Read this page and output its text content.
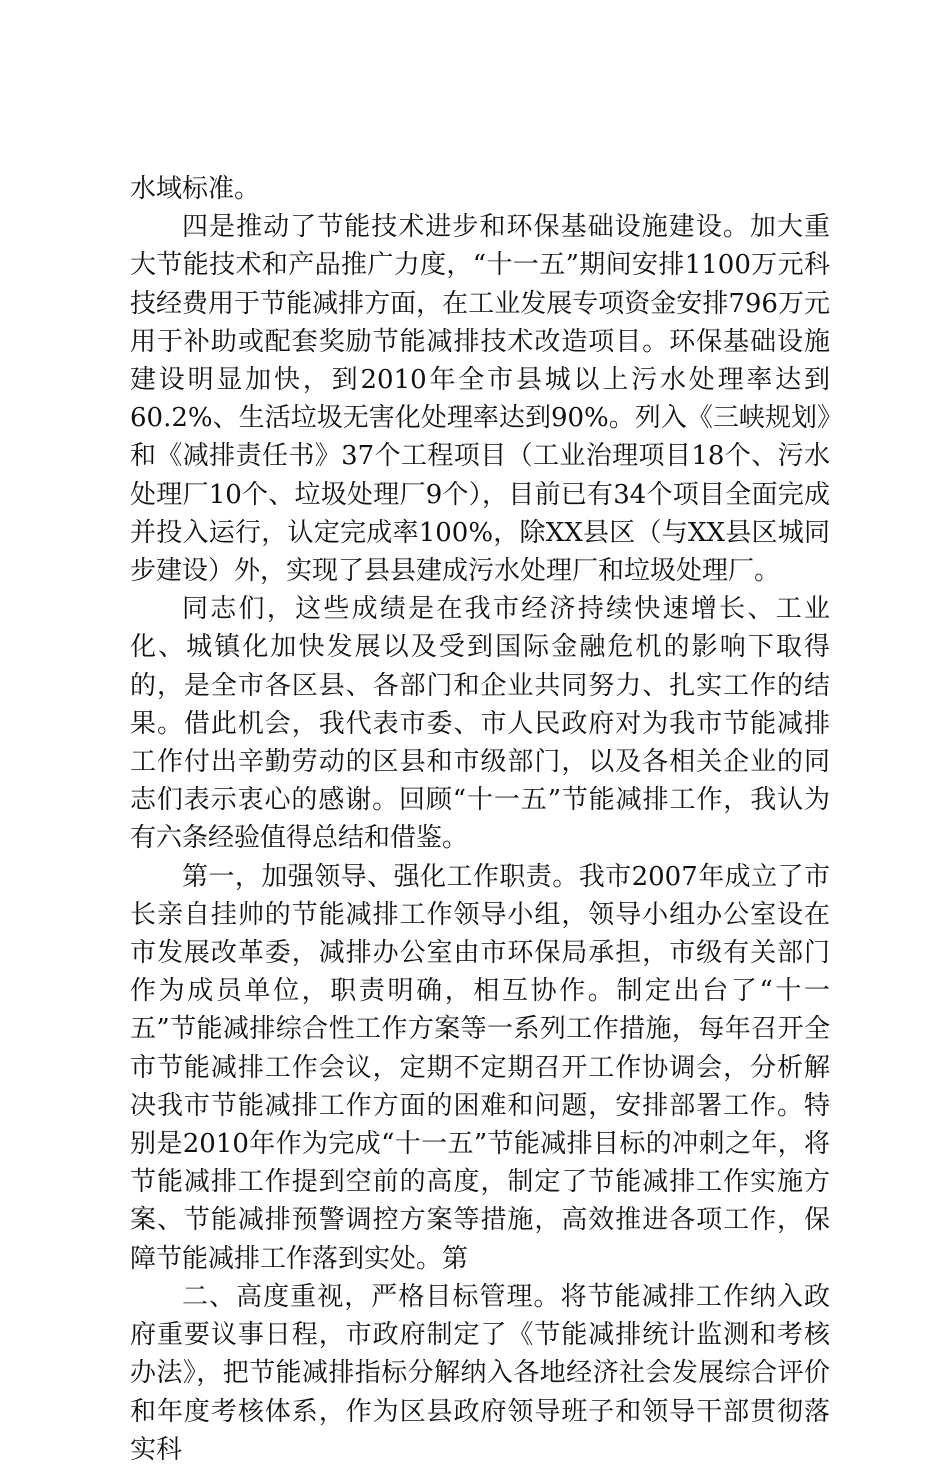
水域标准。

四是推动了节能技术进步和环保基础设施建设。加大重大节能技术和产品推广力度，“十一五”期间安排1100万元科技经费用于节能减排方面，在工业发展专项资金安排796万元用于补助或配套奖励节能减排技术改造项目。环保基础设施建设明显加快，到2010年全市县城以上污水处理率达到60.2%、生活垃圾无害化处理率达到90%。列入《三峡规划》和《减排责任书》37个工程项目（工业治理项目18个、污水处理厂10个、垃圾处理厂9个），目前已有34个项目全面完成并投入运行，认定完成率100%，除XX县区（与XX县区城同步建设）外，实现了县县建成污水处理厂和垃圾处理厂。

同志们，这些成绩是在我市经济持续快速增长、工业化、城镇化加快发展以及受到国际金融危机的影响下取得的，是全市各区县、各部门和企业共同努力、扎实工作的结果。借此机会，我代表市委、市人民政府对为我市节能减排工作付出辛勤劳动的区县和市级部门，以及各相关企业的同志们表示衷心的感谢。回顾“十一五”节能减排工作，我认为有六条经验值得总结和借鉴。

第一，加强领导、强化工作职责。我市2007年成立了市长亲自挂帅的节能减排工作领导小组，领导小组办公室设在市发展改革委，减排办公室由市环保局承担，市级有关部门作为成员单位，职责明确，相互协作。制定出台了“十一五”节能减排综合性工作方案等一系列工作措施，每年召开全市节能减排工作会议，定期不定期召开工作协调会，分析解决我市节能减排工作方面的困难和问题，安排部署工作。特别是2010年作为完成“十一五”节能减排目标的冲刺之年，将节能减排工作提到空前的高度，制定了节能减排工作实施方案、节能减排预警调控方案等措施，高效推进各项工作，保障节能减排工作落到实处。第

二、高度重视，严格目标管理。将节能减排工作纳入政府重要议事日程，市政府制定了《节能减排统计监测和考核办法》，把节能减排指标分解纳入各地经济社会发展综合评价和年度考核体系，作为区县政府领导班子和领导干部贯彻落实科
